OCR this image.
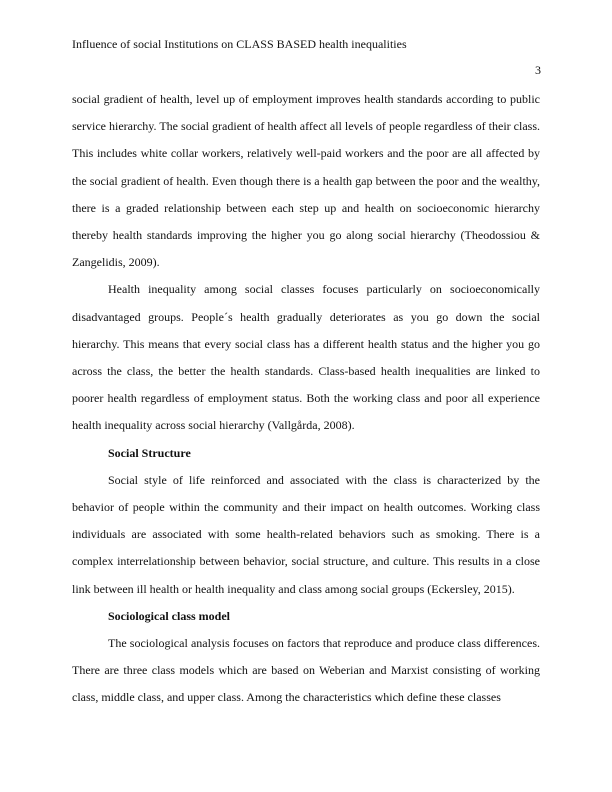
Influence of social Institutions on CLASS BASED health inequalities
3

social gradient of health, level up of employment improves health standards according to public service hierarchy. The social gradient of health affect all levels of people regardless of their class. This includes white collar workers, relatively well-paid workers and the poor are all affected by the social gradient of health. Even though there is a health gap between the poor and the wealthy, there is a graded relationship between each step up and health on socioeconomic hierarchy thereby health standards improving the higher you go along social hierarchy (Theodossiou & Zangelidis, 2009).

Health inequality among social classes focuses particularly on socioeconomically disadvantaged groups. People´s health gradually deteriorates as you go down the social hierarchy. This means that every social class has a different health status and the higher you go across the class, the better the health standards. Class-based health inequalities are linked to poorer health regardless of employment status. Both the working class and poor all experience health inequality across social hierarchy (Vallgårda, 2008).

Social Structure

Social style of life reinforced and associated with the class is characterized by the behavior of people within the community and their impact on health outcomes. Working class individuals are associated with some health-related behaviors such as smoking. There is a complex interrelationship between behavior, social structure, and culture. This results in a close link between ill health or health inequality and class among social groups (Eckersley, 2015).

Sociological class model

The sociological analysis focuses on factors that reproduce and produce class differences. There are three class models which are based on Weberian and Marxist consisting of working class, middle class, and upper class. Among the characteristics which define these classes
